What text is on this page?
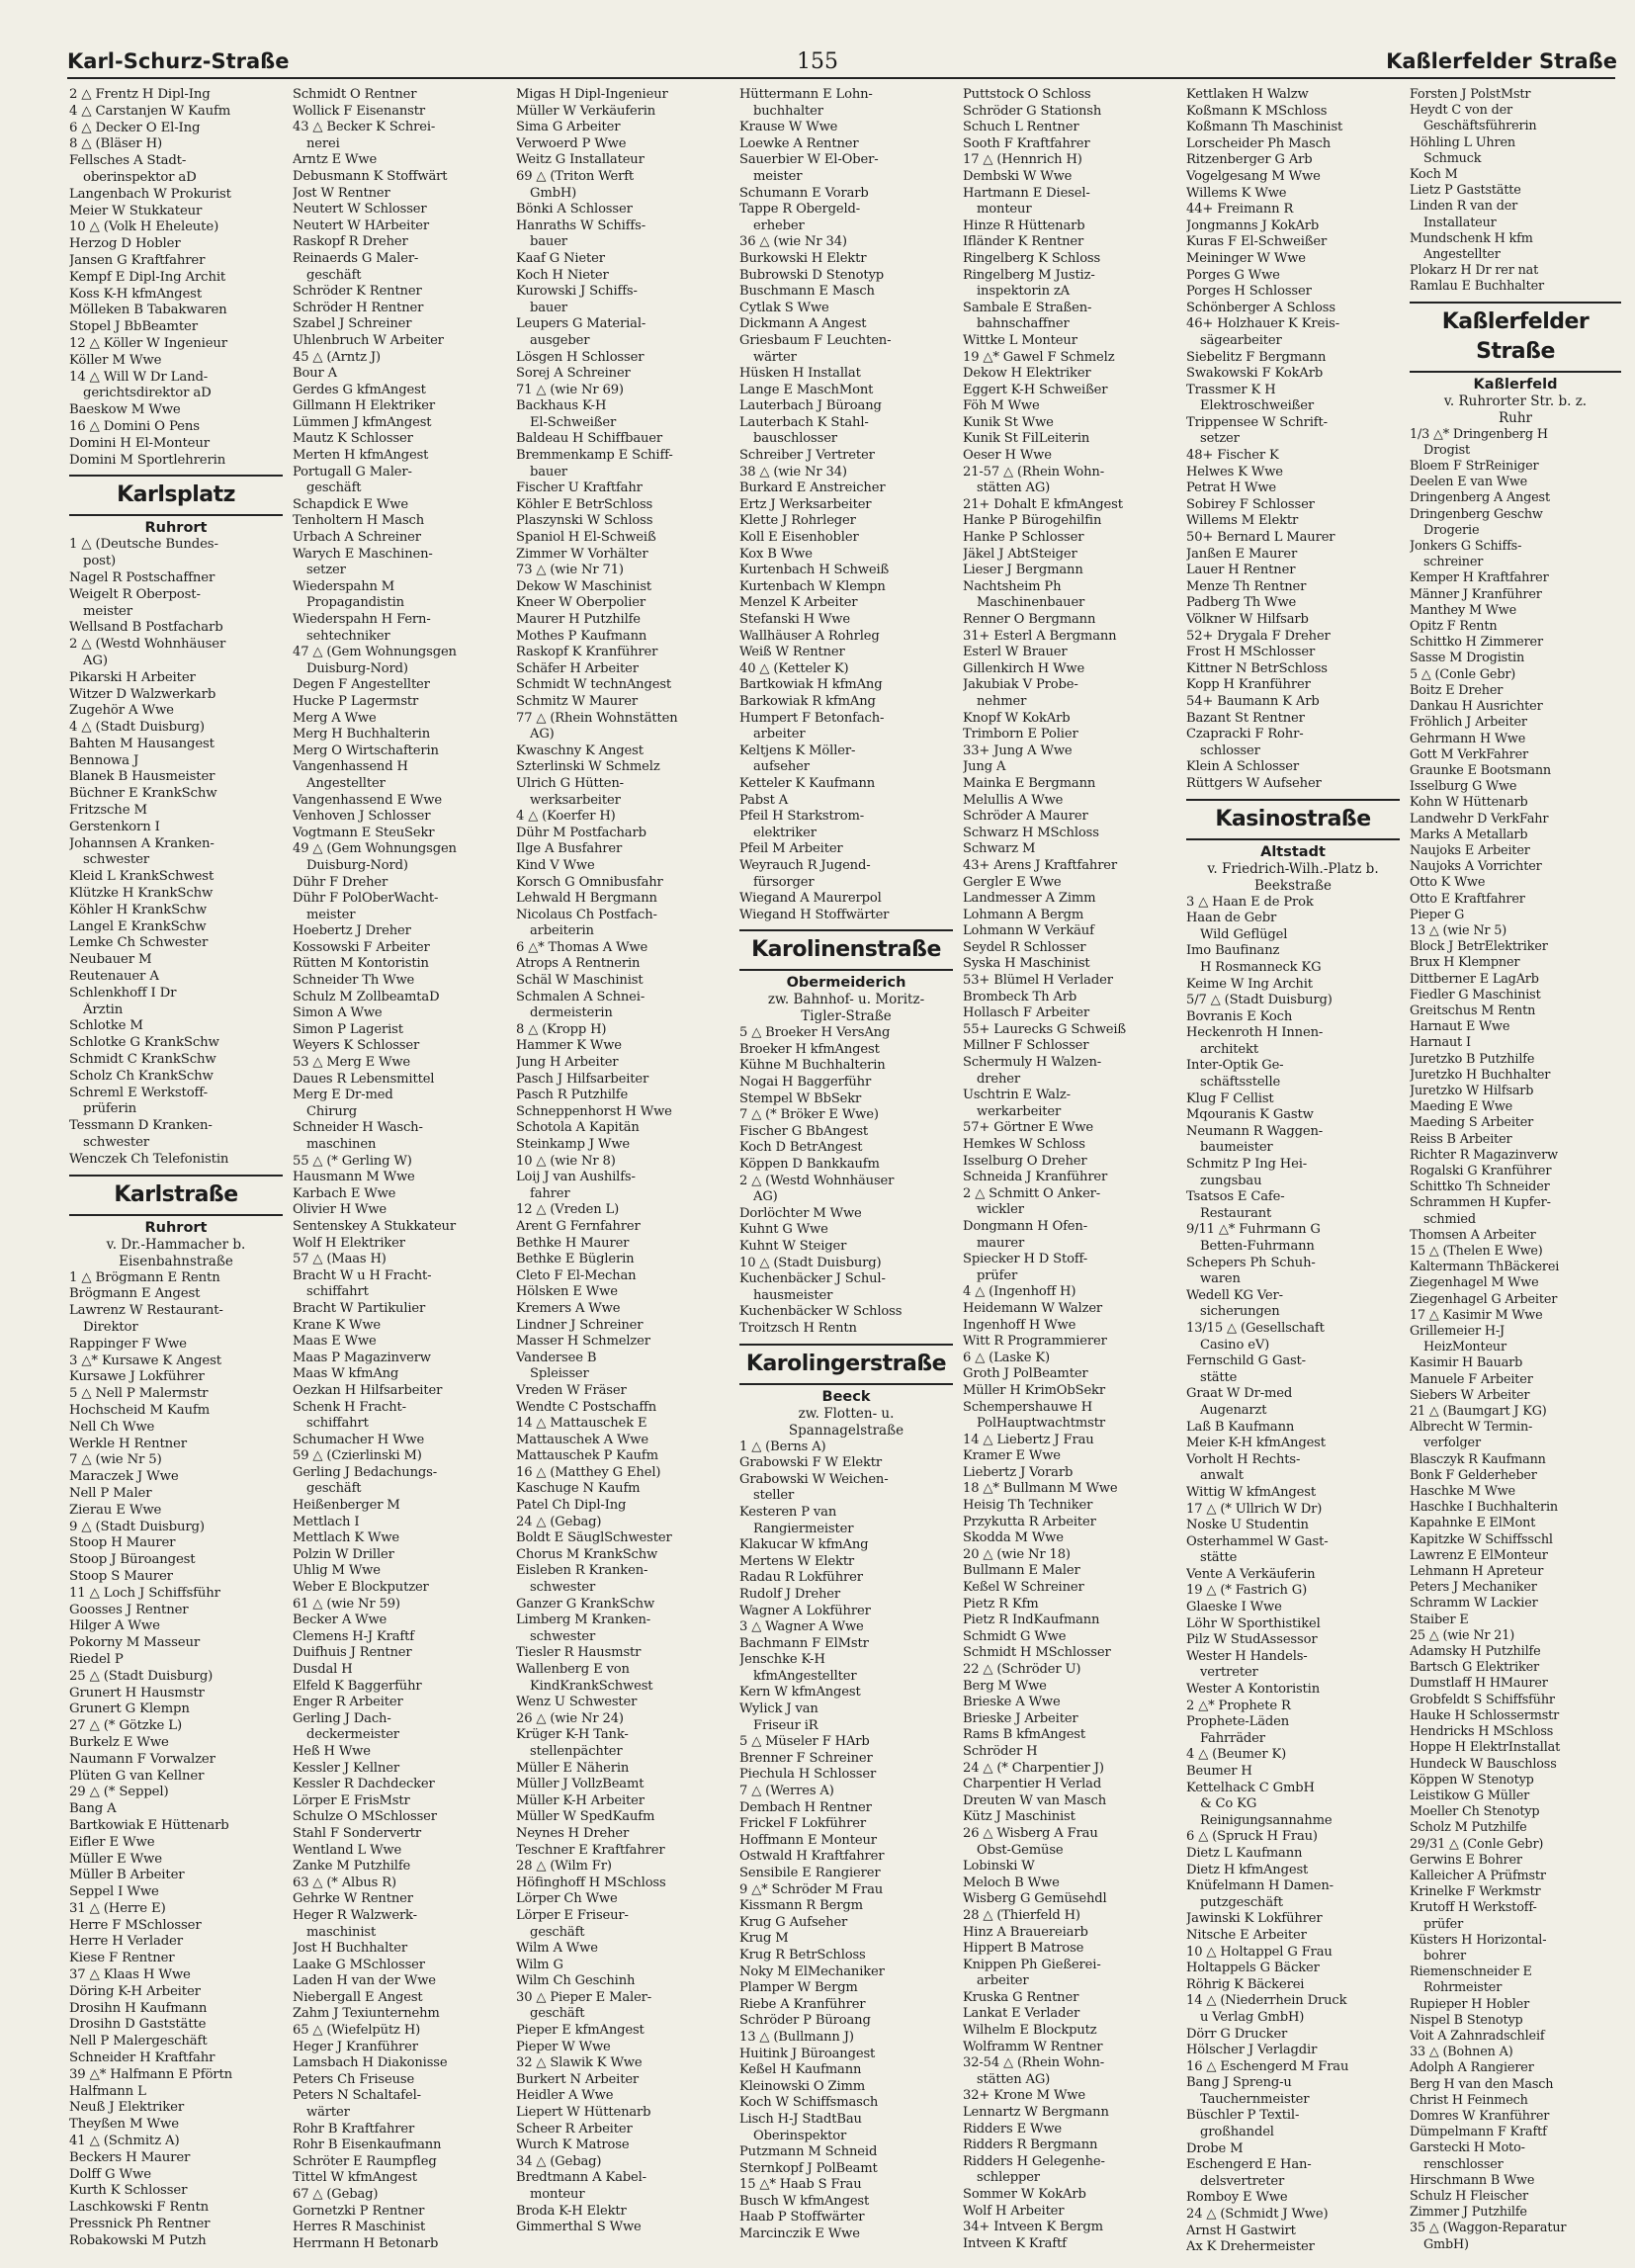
Karl-Schurz-Straße	155	Kaßlerfelder Straße
2 △ Frentz H Dipl-Ing
4 △ Carstanjen W Kaufm
6 △ Decker O El-Ing
8 △ (Bläser H)
Fellsches A Stadt-
oberinspektor aD
Langenbach W Prokurist
Meier W Stukkateur
10 △ (Volk H Eheleute)
Herzog D Hobler
Jansen G Kraftfahrer
Kempf E Dipl-Ing Archit
Koss K-H kfmAngest
Mölleken B Tabakwaren
Stopel J BbBeamter
12 △ Köller W Ingenieur
Köller M Wwe
14 △ Will W Dr Land-
gerichtsdirektor aD
Baeskow M Wwe
16 △ Domini O Pens
Domini H El-Monteur
Domini M Sportlehrerin
Karlsplatz
Ruhrort
1 △ (Deutsche Bundes-
post)
Nagel R Postschaffner
Weigelt R Oberpost-
meister
Wellsand B Postfacharb
2 △ (Westd Wohnhäuser
AG)
Pikarski H Arbeiter
Witzer D Walzwerkarb
Zugehör A Wwe
4 △ (Stadt Duisburg)
Bahten M Hausangest
Bennowa J
Blanek B Hausmeister
Büchner E KrankSchw
Fritzsche M
Gerstenkorn I
Johannsen A Kranken-
schwester
Kleid L KrankSchwest
Klützke H KrankSchw
Köhler H KrankSchw
Langel E KrankSchw
Lemke Ch Schwester
Neubauer M
Reutenauer A
Schlenkhoff I Dr
Ärztin
Schlotke M
Schlotke G KrankSchw
Schmidt C KrankSchw
Scholz Ch KrankSchw
Schreml E Werkstoff-
prüferin
Tessmann D Kranken-
schwester
Wenczek Ch Telefonistin
Karlstraße
Ruhrort
v. Dr.-Hammacher b.
Eisenbahnstraße
1 △ Brögmann E Rentn
Brögmann E Angest
Lawrenz W Restaurant-
Direktor
Rappinger F Wwe
3 △* Kursawe K Angest
Kursawe J Lokführer
5 △ Nell P Malermstr
Hochscheid M Kaufm
Nell Ch Wwe
Werkle H Rentner
7 △ (wie Nr 5)
Maraczek J Wwe
Nell P Maler
Zierau E Wwe
9 △ (Stadt Duisburg)
Stoop H Maurer
Stoop J Büroangest
Stoop S Maurer
11 △ Loch J Schiffsführ
Goosses J Rentner
Hilger A Wwe
Pokorny M Masseur
Riedel P
25 △ (Stadt Duisburg)
Grunert H Hausmstr
Grunert G Klempn
27 △ (* Götzke L)
Burkelz E Wwe
Naumann F Vorwalzer
Plüten G van Kellner
29 △ (* Seppel)
Bang A
Bartkowiak E Hüttenarb
Eifler E Wwe
Müller E Wwe
Müller B Arbeiter
Seppel I Wwe
31 △ (Herre E)
Herre F MSchlosser
Herre H Verlader
Kiese F Rentner
37 △ Klaas H Wwe
Döring K-H Arbeiter
Drosihn H Kaufmann
Drosihn D Gaststätte
Nell P Malergeschäft
Schneider H Kraftfahr
39 △* Halfmann E Pförtn
Halfmann L
Neuß J Elektriker
Theyßen M Wwe
41 △ (Schmitz A)
Beckers H Maurer
Dolff G Wwe
Kurth K Schlosser
Laschkowski F Rentn
Pressnick Ph Rentner
Robakowski M Putzh
Schmidt O Rentner
Wollick F Eisenanstr
43 △ Becker K Schrei-
nerei
Arntz E Wwe
Debusmann K Stoffwärt
Jost W Rentner
Neutert W Schlosser
Neutert W HArbeiter
Raskopf R Dreher
Reinaerds G Maler-
geschäft
Schröder K Rentner
Schröder H Rentner
Szabel J Schreiner
Uhlenbruch W Arbeiter
45 △ (Arntz J)
Bour A
Gerdes G kfmAngest
Gillmann H Elektriker
Lümmen J kfmAngest
Mautz K Schlosser
Merten H kfmAngest
Portugall G Maler-
geschäft
Schapdick E Wwe
Tenholtern H Masch
Urbach A Schreiner
Warych E Maschinen-
setzer
Wiederspahn M
Propagandistin
Wiederspahn H Fern-
sehtechniker
47 △ (Gem Wohnungsgen
Duisburg-Nord)
Degen F Angestellter
Hucke P Lagermstr
Merg A Wwe
Merg H Buchhalterin
Merg O Wirtschafterin
Vangenhassend H
Angestellter
Vangenhassend E Wwe
Venhoven J Schlosser
Vogtmann E SteuSekr
49 △ (Gem Wohnungsgen
Duisburg-Nord)
Dühr F Dreher
Dühr F PolOberWacht-
meister
Hoebertz J Dreher
Kossowski F Arbeiter
Rütten M Kontoristin
Schneider Th Wwe
Schulz M ZollbeamtaD
Simon A Wwe
Simon P Lagerist
Weyers K Schlosser
53 △ Merg E Wwe
Daues R Lebensmittel
Merg E Dr-med
Chirurg
Schneider H Wasch-
maschinen
55 △ (* Gerling W)
Hausmann M Wwe
Karbach E Wwe
Olivier H Wwe
Sentenskey A Stukkateur
Wolf H Elektriker
57 △ (Maas H)
Bracht W u H Fracht-
schiffahrt
Bracht W Partikulier
Krane K Wwe
Maas E Wwe
Maas P Magazinverw
Maas W kfmAng
Oezkan H Hilfsarbeiter
Schenk H Fracht-
schiffahrt
Schumacher H Wwe
59 △ (Czierlinski M)
Gerling J Bedachungs-
geschäft
Heißenberger M
Mettlach I
Mettlach K Wwe
Polzin W Driller
Uhlig M Wwe
Weber E Blockputzer
61 △ (wie Nr 59)
Becker A Wwe
Clemens H-J Kraftf
Duifhuis J Rentner
Dusdal H
Elfeld K Baggerführ
Enger R Arbeiter
Gerling J Dach-
deckermeister
Heß H Wwe
Kessler J Kellner
Kessler R Dachdecker
Lörper E FrisMstr
Schulze O MSchlosser
Stahl F Sondervertr
Wentland L Wwe
Zanke M Putzhilfe
63 △ (* Albus R)
Gehrke W Rentner
Heger R Walzwerk-
maschinist
Jost H Buchhalter
Laake G MSchlosser
Laden H van der Wwe
Niebergall E Angest
Zahm J Texiunternehm
65 △ (Wiefelpütz H)
Heger J Kranführer
Lamsbach H Diakonisse
Peters Ch Friseuse
Peters N Schaltafel-
wärter
Rohr B Kraftfahrer
Rohr B Eisenkaufmann
Schröter E Raumpfleg
Tittel W kfmAngest
67 △ (Gebag)
Gornetzki P Rentner
Herres R Maschinist
Herrmann H Betonarb
Migas H Dipl-Ingenieur
Müller W Verkäuferin
Sima G Arbeiter
Verwoerd P Wwe
Weitz G Installateur
69 △ (Triton Werft
GmbH)
Bönki A Schlosser
Hanraths W Schiffs-
bauer
Kaaf G Nieter
Koch H Nieter
Kurowski J Schiffs-
bauer
Leupers G Material-
ausgeber
Lösgen H Schlosser
Sorej A Schreiner
71 △ (wie Nr 69)
Backhaus K-H
El-Schweißer
Baldeau H Schiffbauer
Bremmenkamp E Schiff-
bauer
Fischer U Kraftfahr
Köhler E BetrSchloss
Plaszynski W Schloss
Spaniol H El-Schweiß
Zimmer W Vorhälter
73 △ (wie Nr 71)
Dekow W Maschinist
Kneer W Oberpolier
Maurer H Putzhilfe
Mothes P Kaufmann
Raskopf K Kranführer
Schäfer H Arbeiter
Schmidt W technAngest
Schmitz W Maurer
77 △ (Rhein Wohnstätten
AG)
Kwaschny K Angest
Szterlinski W Schmelz
Ulrich G Hütten-
werksarbeiter
4 △ (Koerfer H)
Dühr M Postfacharb
Ilge A Busfahrer
Kind V Wwe
Korsch G Omnibusfahr
Lehwald H Bergmann
Nicolaus Ch Postfach-
arbeiterin
6 △* Thomas A Wwe
Atrops A Rentnerin
Schäl W Maschinist
Schmalen A Schnei-
dermeisterin
8 △ (Kropp H)
Hammer K Wwe
Jung H Arbeiter
Pasch J Hilfsarbeiter
Pasch R Putzhilfe
Schneppenhorst H Wwe
Schotola A Kapitän
Steinkamp J Wwe
10 △ (wie Nr 8)
Loij J van Aushilfs-
fahrer
12 △ (Vreden L)
Arent G Fernfahrer
Bethke H Maurer
Bethke E Büglerin
Cleto F El-Mechan
Hölsken E Wwe
Kremers A Wwe
Lindner J Schreiner
Masser H Schmelzer
Vandersee B
Spleisser
Vreden W Fräser
Wendte C Postschaffn
14 △ Mattauschek E
Mattauschek A Wwe
Mattauschek P Kaufm
16 △ (Matthey G Ehel)
Kaschuge N Kaufm
Patel Ch Dipl-Ing
24 △ (Gebag)
Boldt E SäuglSchwester
Chorus M KrankSchw
Eisleben R Kranken-
schwester
Ganzer G KrankSchw
Limberg M Kranken-
schwester
Tiesler R Hausmstr
Wallenberg E von
KindKrankSchwest
Wenz U Schwester
26 △ (wie Nr 24)
Krüger K-H Tank-
stellenpächter
Müller E Näherin
Müller J VollzBeamt
Müller K-H Arbeiter
Müller W SpedKaufm
Neynes H Dreher
Teschner E Kraftfahrer
28 △ (Wilm Fr)
Höfinghoff H MSchloss
Lörper Ch Wwe
Lörper E Friseur-
geschäft
Wilm A Wwe
Wilm G
Wilm Ch Geschinh
30 △ Pieper E Maler-
geschäft
Pieper E kfmAngest
Pieper W Wwe
32 △ Slawik K Wwe
Burkert N Arbeiter
Heidler A Wwe
Liepert W Hüttenarb
Scheer R Arbeiter
Wurch K Matrose
34 △ (Gebag)
Bredtmann A Kabel-
monteur
Broda K-H Elektr
Gimmerthal S Wwe
Hüttermann E Lohn-
buchhalter
Krause W Wwe
Loewke A Rentner
Sauerbier W El-Ober-
meister
Schumann E Vorarb
Tappe R Obergeld-
erheber
36 △ (wie Nr 34)
Burkowski H Elektr
Bubrowski D Stenotyp
Buschmann E Masch
Cytlak S Wwe
Dickmann A Angest
Griesbaum F Leuchten-
wärter
Hüsken H Installat
Lange E MaschMont
Lauterbach J Büroang
Lauterbach K Stahl-
bauschlosser
Schreiber J Vertreter
38 △ (wie Nr 34)
Burkard E Anstreicher
Ertz J Werksarbeiter
Klette J Rohrleger
Koll E Eisenhobler
Kox B Wwe
Kurtenbach H Schweiß
Kurtenbach W Klempn
Menzel K Arbeiter
Stefanski H Wwe
Wallhäuser A Rohrleg
Weiß W Rentner
40 △ (Ketteler K)
Bartkowiak H kfmAng
Barkowiak R kfmAng
Humpert F Betonfach-
arbeiter
Keltjens K Möller-
aufseher
Ketteler K Kaufmann
Pabst A
Pfeil H Starkstrom-
elektriker
Pfeil M Arbeiter
Weyrauch R Jugend-
fürsorger
Wiegand A Maurerpol
Wiegand H Stoffwärter
Karolinenstraße
Obermeiderich
zw. Bahnhof- u. Moritz-
Tigler-Straße
5 △ Broeker H VersAng
Broeker H kfmAngest
Kühne M Buchhalterin
Nogai H Baggerführ
Stempel W BbSekr
7 △ (* Bröker E Wwe)
Fischer G BbAngest
Koch D BetrAngest
Köppen D Bankkaufm
2 △ (Westd Wohnhäuser
AG)
Dorlöchter M Wwe
Kuhnt G Wwe
Kuhnt W Steiger
10 △ (Stadt Duisburg)
Kuchenbäcker J Schul-
hausmeister
Kuchenbäcker W Schloss
Troitzsch H Rentn
Karolingerstraße
Beeck
zw. Flotten- u.
Spannagelstraße
1 △ (Berns A)
Grabowski F W Elektr
Grabowski W Weichen-
steller
Kesteren P van
Rangiermeister
Klakucar W kfmAng
Mertens W Elektr
Radau R Lokführer
Rudolf J Dreher
Wagner A Lokführer
3 △ Wagner A Wwe
Bachmann F ElMstr
Jenschke K-H
kfmAngestellter
Kern W kfmAngest
Wylick J van
Friseur iR
5 △ Müseler F HArb
Brenner F Schreiner
Piechula H Schlosser
7 △ (Werres A)
Dembach H Rentner
Frickel F Lokführer
Hoffmann E Monteur
Ostwald H Kraftfahrer
Sensibile E Rangierer
9 △* Schröder M Frau
Kissmann R Bergm
Krug G Aufseher
Krug M
Krug R BetrSchloss
Noky M ElMechaniker
Plamper W Bergm
Riebe A Kranführer
Schröder P Büroang
13 △ (Bullmann J)
Huitink J Büroangest
Keßel H Kaufmann
Kleinowski O Zimm
Koch W Schiffsmasch
Lisch H-J StadtBau
Oberinspektor
Putzmann M Schneid
Sternkopf J PolBeamt
15 △* Haab S Frau
Busch W kfmAngest
Haab P Stoffwärter
Marcinczik E Wwe
Puttstock O Schloss
Schröder G Stationsh
Schuch L Rentner
Sooth F Kraftfahrer
17 △ (Hennrich H)
Dembski W Wwe
Hartmann E Diesel-
monteur
Hinze R Hüttenarb
Ifländer K Rentner
Ringelberg K Schloss
Ringelberg M Justiz-
inspektorin zA
Sambale E Straßen-
bahnschaffner
Wittke L Monteur
19 △* Gawel F Schmelz
Dekow H Elektriker
Eggert K-H Schweißer
Föh M Wwe
Kunik St Wwe
Kunik St FilLeiterin
Oeser H Wwe
21-57 △ (Rhein Wohn-
stätten AG)
21+ Dohalt E kfmAngest
Hanke P Bürogehilfin
Hanke P Schlosser
Jäkel J AbtSteiger
Lieser J Bergmann
Nachtsheim Ph
Maschinenbauer
Renner O Bergmann
31+ Esterl A Bergmann
Esterl W Brauer
Gillenkirch H Wwe
Jakubiak V Probe-
nehmer
Knopf W KokArb
Trimborn E Polier
33+ Jung A Wwe
Jung A
Mainka E Bergmann
Melullis A Wwe
Schröder A Maurer
Schwarz H MSchloss
Schwarz M
43+ Arens J Kraftfahrer
Gergler E Wwe
Landmesser A Zimm
Lohmann A Bergm
Lohmann W Verkäuf
Seydel R Schlosser
Syska H Maschinist
53+ Blümel H Verlader
Brombeck Th Arb
Hollasch F Arbeiter
55+ Laurecks G Schweiß
Millner F Schlosser
Schermuly H Walzen-
dreher
Uschtrin E Walz-
werkarbeiter
57+ Görtner E Wwe
Hemkes W Schloss
Isselburg O Dreher
Schneida J Kranführer
2 △ Schmitt O Anker-
wickler
Dongmann H Ofen-
maurer
Spiecker H D Stoff-
prüfer
4 △ (Ingenhoff H)
Heidemann W Walzer
Ingenhoff H Wwe
Witt R Programmierer
6 △ (Laske K)
Groth J PolBeamter
Müller H KrimObSekr
Schempershauwe H
PolHauptwachtmstr
14 △ Liebertz J Frau
Kramer E Wwe
Liebertz J Vorarb
18 △* Bullmann M Wwe
Heisig Th Techniker
Przykutta R Arbeiter
Skodda M Wwe
20 △ (wie Nr 18)
Bullmann E Maler
Keßel W Schreiner
Pietz R Kfm
Pietz R IndKaufmann
Schmidt G Wwe
Schmidt H MSchlosser
22 △ (Schröder U)
Berg M Wwe
Brieske A Wwe
Brieske J Arbeiter
Rams B kfmAngest
Schröder H
24 △ (* Charpentier J)
Charpentier H Verlad
Dreuten W van Masch
Kütz J Maschinist
26 △ Wisberg A Frau
Obst-Gemüse
Lobinski W
Meloch B Wwe
Wisberg G Gemüsehdl
28 △ (Thierfeld H)
Hinz A Brauereiarb
Hippert B Matrose
Knippen Ph Gießerei-
arbeiter
Kruska G Rentner
Lankat E Verlader
Wilhelm E Blockputz
Wolframm W Rentner
32-54 △ (Rhein Wohn-
stätten AG)
32+ Krone M Wwe
Lennartz W Bergmann
Ridders E Wwe
Ridders R Bergmann
Ridders H Gelegenhe-
schlepper
Sommer W KokArb
Wolf H Arbeiter
34+ Intveen K Bergm
Intveen K Kraftf
Kettlaken H Walzw
Koßmann K MSchloss
Koßmann Th Maschinist
Lorscheider Ph Masch
Ritzenberger G Arb
Vogelgesang M Wwe
Willems K Wwe
44+ Freimann R
Jongmanns J KokArb
Kuras F El-Schweißer
Meininger W Wwe
Porges G Wwe
Porges H Schlosser
Schönberger A Schloss
46+ Holzhauer K Kreis-
sägearbeiter
Siebelitz F Bergmann
Swakowski F KokArb
Trassmer K H
Elektroschweißer
Trippensee W Schrift-
setzer
48+ Fischer K
Helwes K Wwe
Petrat H Wwe
Sobirey F Schlosser
Willems M Elektr
50+ Bernard L Maurer
Janßen E Maurer
Lauer H Rentner
Menze Th Rentner
Padberg Th Wwe
Völkner W Hilfsarb
52+ Drygala F Dreher
Frost H MSchlosser
Kittner N BetrSchloss
Kopp H Kranführer
54+ Baumann K Arb
Bazant St Rentner
Czapracki F Rohr-
schlosser
Klein A Schlosser
Rüttgers W Aufseher
Kasinostraße
Altstadt
v. Friedrich-Wilh.-Platz b.
Beekstraße
3 △ Haan E de Prok
Haan de Gebr
Wild Geflügel
Imo Baufinanz
H Rosmanneck KG
Keime W Ing Archit
5/7 △ (Stadt Duisburg)
Bovranis E Koch
Heckenroth H Innen-
architekt
Inter-Optik Ge-
schäftsstelle
Klug F Cellist
Mqouranis K Gastw
Neumann R Waggen-
baumeister
Schmitz P Ing Hei-
zungsbau
Tsatsos E Cafe-
Restaurant
9/11 △* Fuhrmann G
Betten-Fuhrmann
Schepers Ph Schuh-
waren
Wedell KG Ver-
sicherungen
13/15 △ (Gesellschaft
Casino eV)
Fernschild G Gast-
stätte
Graat W Dr-med
Augenarzt
Laß B Kaufmann
Meier K-H kfmAngest
Vorholt H Rechts-
anwalt
Wittig W kfmAngest
17 △ (* Ullrich W Dr)
Noske U Studentin
Osterhammel W Gast-
stätte
Vente A Verkäuferin
19 △ (* Fastrich G)
Glaeske I Wwe
Löhr W Sporthistikel
Pilz W StudAssessor
Wester H Handels-
vertreter
Wester A Kontoristin
2 △* Prophete R
Prophete-Läden
Fahrräder
4 △ (Beumer K)
Beumer H
Kettelhack C GmbH
& Co KG
Reinigungsannahme
6 △ (Spruck H Frau)
Dietz L Kaufmann
Dietz H kfmAngest
Knüfelmann H Damen-
putzgeschäft
Jawinski K Lokführer
Nitsche E Arbeiter
10 △ Holtappel G Frau
Holtappels G Bäcker
Röhrig K Bäckerei
14 △ (Niederrhein Druck
u Verlag GmbH)
Dörr G Drucker
Hölscher J Verlagdir
16 △ Eschengerd M Frau
Bang J Spreng-u
Tauchernmeister
Büschler P Textil-
großhandel
Drobe M
Eschengerd E Han-
delsvertreter
Romboy E Wwe
24 △ (Schmidt J Wwe)
Arnst H Gastwirt
Ax K Drehermeister
Forsten J PolstMstr
Heydt C von der
Geschäftsführerin
Höhling L Uhren
Schmuck
Koch M
Lietz P Gaststätte
Linden R van der
Installateur
Mundschenk H kfm
Angestellter
Plokarz H Dr rer nat
Ramlau E Buchhalter
Kaßlerfelder Straße
Kaßlerfeld
v. Ruhrorter Str. b. z.
Ruhr
1/3 △* Dringenberg H
Drogist
Bloem F StrReiniger
Deelen E van Wwe
Dringenberg A Angest
Dringenberg Geschw
Drogerie
Jonkers G Schiffs-
schreiner
Kemper H Kraftfahrer
Männer J Kranführer
Manthey M Wwe
Opitz F Rentn
Schittko H Zimmerer
Sasse M Drogistin
5 △ (Conle Gebr)
Boitz E Dreher
Dankau H Ausrichter
Fröhlich J Arbeiter
Gehrmann H Wwe
Gott M VerkFahrer
Graunke E Bootsmann
Isselburg G Wwe
Kohn W Hüttenarb
Landwehr D VerkFahr
Marks A Metallarb
Naujoks E Arbeiter
Naujoks A Vorrichter
Otto K Wwe
Otto E Kraftfahrer
Pieper G
13 △ (wie Nr 5)
Block J BetrElektriker
Brux H Klempner
Dittberner E LagArb
Fiedler G Maschinist
Greitschus M Rentn
Harnaut E Wwe
Harnaut I
Juretzko B Putzhilfe
Juretzko H Buchhalter
Juretzko W Hilfsarb
Maeding E Wwe
Maeding S Arbeiter
Reiss B Arbeiter
Richter R Magazinverw
Rogalski G Kranführer
Schittko Th Schneider
Schrammen H Kupfer-
schmied
Thomsen A Arbeiter
15 △ (Thelen E Wwe)
Kaltermann ThBäckerei
Ziegenhagel M Wwe
Ziegenhagel G Arbeiter
17 △ Kasimir M Wwe
Grillemeier H-J
HeizMonteur
Kasimir H Bauarb
Manuele F Arbeiter
Siebers W Arbeiter
21 △ (Baumgart J KG)
Albrecht W Termin-
verfolger
Blasczyk R Kaufmann
Bonk F Gelderheber
Haschke M Wwe
Haschke I Buchhalterin
Kapahnke E ElMont
Kapitzke W Schiffsschl
Lawrenz E ElMonteur
Lehmann H Apreteur
Peters J Mechaniker
Schramm W Lackier
Staiber E
25 △ (wie Nr 21)
Adamsky H Putzhilfe
Bartsch G Elektriker
Dumstlaff H HMaurer
Grobfeldt S Schiffsführ
Hauke H Schlossermstr
Hendricks H MSchloss
Hoppe H ElektrInstallat
Hundeck W Bauschloss
Köppen W Stenotyp
Leistikow G Müller
Moeller Ch Stenotyp
Scholz M Putzhilfe
29/31 △ (Conle Gebr)
Gerwins E Bohrer
Kalleicher A Prüfmstr
Krinelke F Werkmstr
Krutoff H Werkstoff-
prüfer
Küsters H Horizontal-
bohrer
Riemenschneider E
Rohrmeister
Rupieper H Hobler
Nispel B Stenotyp
Voit A Zahnradschleif
33 △ (Bohnen A)
Adolph A Rangierer
Berg H van den Masch
Christ H Feinmech
Domres W Kranführer
Dümpelmann F Kraftf
Garstecki H Moto-
renschlosser
Hirschmann B Wwe
Schulz H Fleischer
Zimmer J Putzhilfe
35 △ (Waggon-Reparatur
GmbH)
